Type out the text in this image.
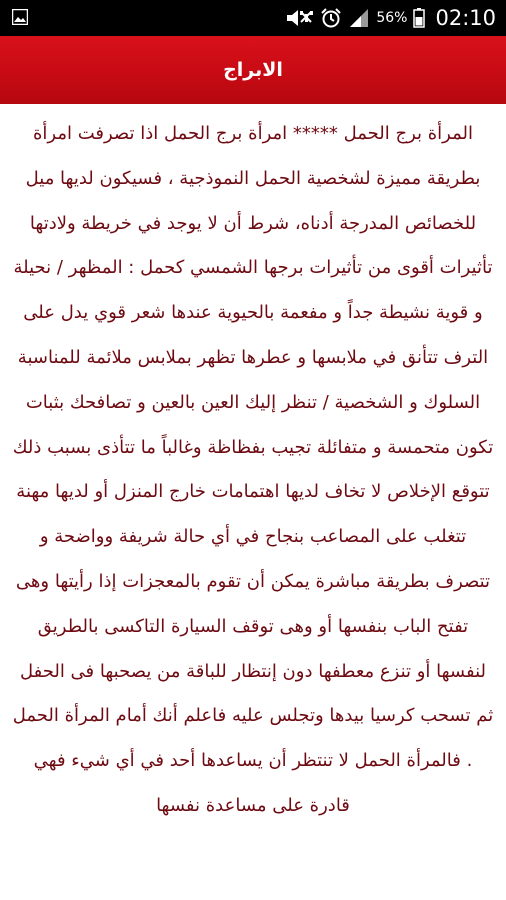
56% 02:10
الابراج

المرأة برج الحمل ***** امرأة برج الحمل اذا تصرفت امرأة بطريقة مميزة لشخصية الحمل النموذجية ، فسيكون لديها ميل للخصائص المدرجة أدناه، شرط أن لا يوجد في خريطة ولادتها تأثيرات أقوى من تأثيرات برجها الشمسي كحمل : المظهر / نحيلة و قوية نشيطة جداً و مفعمة بالحيوية عندها شعر قوي يدل على الترف تتأنق في ملابسها و عطرها تظهر بملابس ملائمة للمناسبة السلوك و الشخصية / تنظر إليك العين بالعين و تصافحك بثبات تكون متحمسة و متفائلة تجيب بفظاظة وغالباً ما تتأذى بسبب ذلك تتوقع الإخلاص لا تخاف لديها اهتمامات خارج المنزل أو لديها مهنة تتغلب على المصاعب بنجاح في أي حالة شريفة وواضحة و تتصرف بطريقة مباشرة يمكن أن تقوم بالمعجزات إذا رأيتها وهى تفتح الباب بنفسها أو وهى توقف السيارة التاكسى بالطريق لنفسها أو تنزع معطفها دون إنتظار للباقة من يصحبها فى الحفل ثم تسحب كرسيا بيدها وتجلس عليه فاعلم أنك أمام المرأة الحمل . فالمرأة الحمل لا تنتظر أن يساعدها أحد في أي شيء فهي قادرة على مساعدة نفسها
